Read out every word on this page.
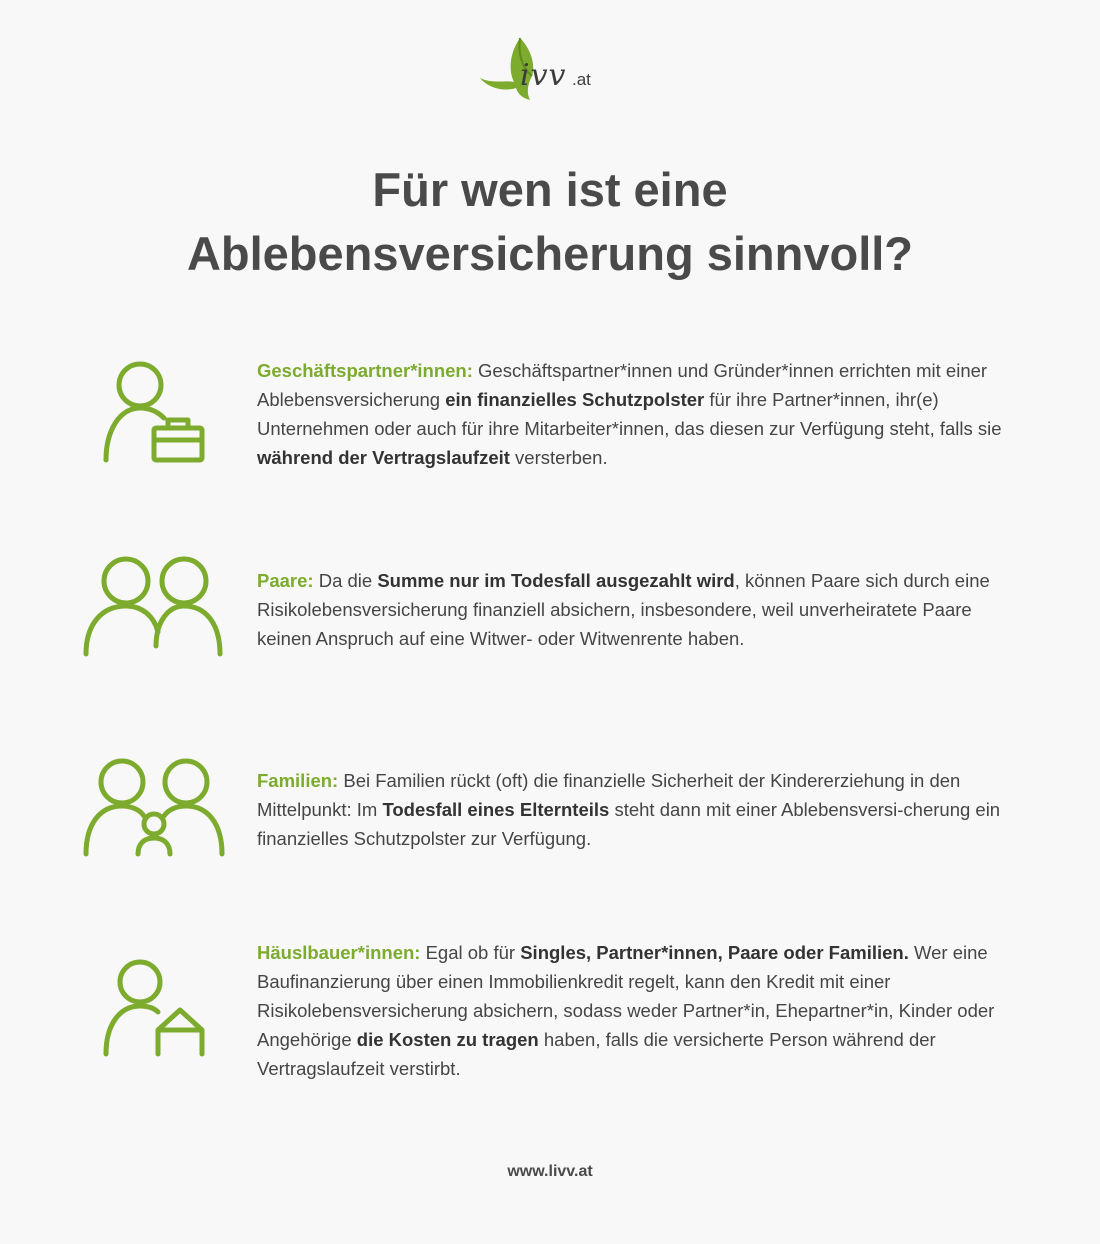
ivv .at
Für wen ist eine
Ablebensversicherung sinnvoll?
Geschäftspartner*innen: Geschäftspartner*innen und Gründer*innen errichten mit einer Ablebensversicherung ein finanzielles Schutzpolster für ihre Partner*innen, ihr(e) Unternehmen oder auch für ihre Mitarbeiter*innen, das diesen zur Verfügung steht, falls sie während der Vertragslaufzeit versterben.
Paare: Da die Summe nur im Todesfall ausgezahlt wird, können Paare sich durch eine Risikolebensversicherung finanziell absichern, insbesondere, weil unverheiratete Paare keinen Anspruch auf eine Witwer- oder Witwenrente haben.
Familien: Bei Familien rückt (oft) die finanzielle Sicherheit der Kindererziehung in den Mittelpunkt: Im Todesfall eines Elternteils steht dann mit einer Ablebensversi-cherung ein finanzielles Schutzpolster zur Verfügung.
Häuslbauer*innen: Egal ob für Singles, Partner*innen, Paare oder Familien. Wer eine Baufinanzierung über einen Immobilienkredit regelt, kann den Kredit mit einer Risikolebensversicherung absichern, sodass weder Partner*in, Ehepartner*in, Kinder oder Angehörige die Kosten zu tragen haben, falls die versicherte Person während der Vertragslaufzeit verstirbt.
www.livv.at
